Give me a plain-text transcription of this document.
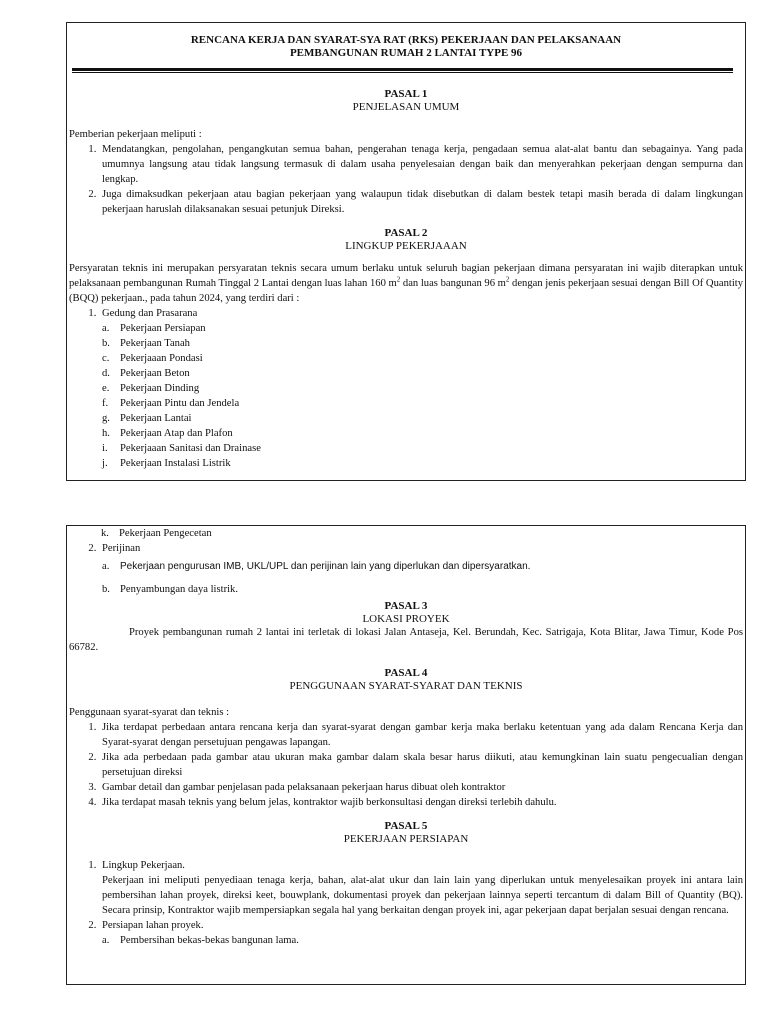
RENCANA KERJA DAN SYARAT-SYA RAT (RKS) PEKERJAAN DAN PELAKSANAAN
PEMBANGUNAN RUMAH 2 LANTAI TYPE 96
PASAL 1
PENJELASAN UMUM

Pemberian pekerjaan meliputi :

1. Mendatangkan, pengolahan, pengangkutan semua bahan, pengerahan tenaga kerja, pengadaan semua alat-alat bantu dan sebagainya. Yang pada umumnya langsung atau tidak langsung termasuk di dalam usaha penyelesaian dengan baik dan menyerahkan pekerjaan dengan sempurna dan lengkap.
2. Juga dimaksudkan pekerjaan atau bagian pekerjaan yang walaupun tidak disebutkan di dalam bestek tetapi masih berada di dalam lingkungan pekerjaan haruslah dilaksanakan sesuai petunjuk Direksi.
PASAL 2
LINGKUP PEKERJAAAN

Persyaratan teknis ini merupakan persyaratan teknis secara umum berlaku untuk seluruh bagian pekerjaan dimana persyaratan ini wajib diterapkan untuk pelaksanaan pembangunan Rumah Tinggal 2 Lantai dengan luas lahan 160 $m^2$ dan luas bangunan 96 $m^2$ dengan jenis pekerjaan sesuai dengan Bill Of Quantity (BQQ) pekerjaan., pada tahun 2024, yang terdiri dari :

1. Gedung dan Prasarana
a. Pekerjaan Persiapan
b. Pekerjaan Tanah
c. Pekerjaaan Pondasi
d. Pekerjaan Beton
e. Pekerjaan Dinding
f. Pekerjaan Pintu dan Jendela
g. Pekerjaan Lantai
h. Pekerjaan Atap dan Plafon
i. Pekerjaaan Sanitasi dan Drainase
j. Pekerjaan Instalasi Listrik
k. Pekerjaan Pengecetan
2. Perijinan
a. Pekerjaan pengurusan IMB, UKL/UPL dan perijinan lain yang diperlukan dan dipersyaratkan.
b. Penyambungan daya listrik.
PASAL 3
LOKASI PROYEK

Proyek pembangunan rumah 2 lantai ini terletak di lokasi Jalan Antaseja, Kel. Berundah, Kec. Satrigaja, Kota Blitar, Jawa Timur, Kode Pos 66782.

PASAL 4
PENGGUNAAN SYARAT-SYARAT DAN TEKNIS

Penggunaan syarat-syarat dan teknis :

1. Jika terdapat perbedaan antara rencana kerja dan syarat-syarat dengan gambar kerja maka berlaku ketentuan yang ada dalam Rencana Kerja dan Syarat-syarat dengan persetujuan pengawas lapangan.
2. Jika ada perbedaan pada gambar atau ukuran maka gambar dalam skala besar harus diikuti, atau kemungkinan lain suatu pengecualian dengan persetujuan direksi
3. Gambar detail dan gambar penjelasan pada pelaksanaan pekerjaan harus dibuat oleh kontraktor
4. Jika terdapat masah teknis yang belum jelas, kontraktor wajib berkonsultasi dengan direksi terlebih dahulu.
PASAL 5
PEKERJAAN PERSIAPAN
1. Lingkup Pekerjaan.
Pekerjaan ini meliputi penyediaan tenaga kerja, bahan, alat-alat ukur dan lain lain yang diperlukan untuk menyelesaikan proyek ini antara lain pembersihan lahan proyek, direksi keet, bouwplank, dokumentasi proyek dan pekerjaan lainnya seperti tercantum di dalam Bill of Quantity (BQ). Secara prinsip, Kontraktor wajib mempersiapkan segala hal yang berkaitan dengan proyek ini, agar pekerjaan dapat berjalan sesuai dengan rencana.
2. Persiapan lahan proyek.
a. Pembersihan bekas-bekas bangunan lama.
